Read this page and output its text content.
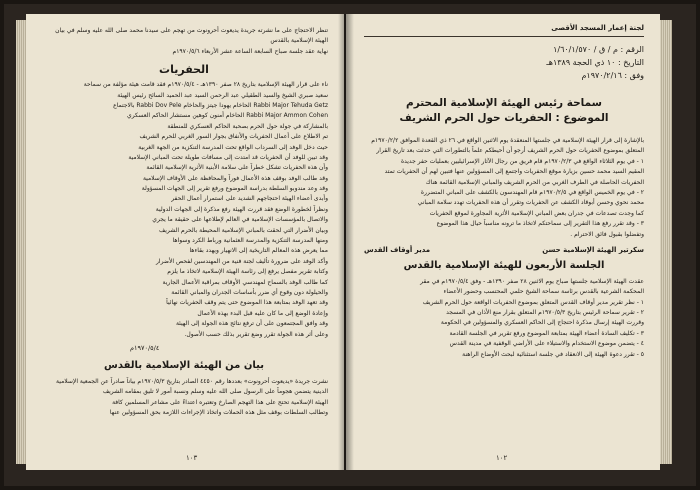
تنظر الاحتجاج على ما نشرته جريدة يديعوت أحرونوت من تهجم على سيدنا محمد صلى الله عليه وسلم في بيان
الهيئة الإسلامية بالقدس
نهاية عقد جلسة صباح السابعة الساعة عشر الأربعاء ١٩٧٠/٥/٦م
الحفريات
ناء على قرار الهيئة الإسلامية بتاريخ ٢٨ صفر ١٣٩٠هـ - ١٩٧٠/٥/٤م فقد قامت هيئة مؤلفة من سماحة
سعيد صبري الشيخ والسيد الطقيلي عبد الرحمن السيد عبد الحميد السائح رئيس الهيئة
Rabbi Major Tehuda Getz الحاخام يهودا جيتز والحاخام Rabbi Dov Pele بالاجتماع
Rabbi Major Ammon Cohen الحاخام أمنون كوهين مستشار الحاكم العسكري
بالمشاركة في جولة حول الحرم بصحبة الحاكم العسكري للمنطقة
تم الاطلاع على أعمال الحفريات والأنفاق بجوار السور الغربي للحرم الشريف
حيث دخل الوفد إلى السرداب الواقع تحت المدرسة التنكزية من الجهة الغربية
وقد تبين للوفد أن الحفريات قد امتدت إلى مسافات طويلة تحت المباني الإسلامية
وأن هذه الحفريات تشكل خطراً على سلامة الأبنية الأثرية الإسلامية القائمة
وقد طالب الوفد بوقف هذه الأعمال فوراً والمحافظة على الأوقاف الإسلامية
وقد وعد مندوبو السلطة بدراسة الموضوع ورفع تقرير إلى الجهات المسؤولة
وأبدى أعضاء الهيئة احتجاجهم الشديد على استمرار أعمال الحفر
ونظراً لخطورة الوضع فقد قررت الهيئة رفع مذكرة إلى الجهات الدولية
والاتصال بالمؤسسات الإسلامية في العالم لإطلاعها على حقيقة ما يجري
وبيان الأضرار التي لحقت بالمباني الإسلامية المحيطة بالحرم الشريف
ومنها المدرسة التنكزية والمدرسة العثمانية ورباط الكرد وسواها
مما يعرض هذه المعالم التاريخية إلى الانهيار ويهدد بقاءها
وأكد الوفد على ضرورة تأليف لجنة فنية من المهندسين لفحص الأضرار
وكتابة تقرير مفصل يرفع إلى رئاسة الهيئة الإسلامية لاتخاذ ما يلزم
كما طالب الوفد بالسماح لمهندسي الأوقاف بمراقبة الأعمال الجارية
والحيلولة دون وقوع أي ضرر بأساسات الجدران والمباني القائمة
وقد تعهد الوفد بمتابعة هذا الموضوع حتى يتم وقف الحفريات نهائياً
وإعادة الوضع إلى ما كان عليه قبل البدء بهذه الأعمال
وقد وافق المجتمعون على أن ترفع نتائج هذه الجولة إلى الهيئة
وعلى أثر هذه الجولة تقرر وضع تقرير بذلك حسب الأصول.
١٩٧٠/٥/٤م
بيان من الهيئة الإسلامية بالقدس
نشرت جريدة «يديعوت أحرونوت» بعددها رقم ٤٤٥٠ الصادر بتاريخ ١٩٧٠/٥/٣م بياناً صادراً عن الجمعية الإسلامية
الدينية يتضمن هجوماً على الرسول صلى الله عليه وسلم ونسبة أمور لا تليق بمقامه الشريف
الهيئة الإسلامية تحتج على هذا التهجم الصارخ وتعتبره اعتداءً على مشاعر المسلمين كافة
وتطالب السلطات بوقف مثل هذه الحملات واتخاذ الإجراءات اللازمة بحق المسؤولين عنها
١٠٣
لجنة إعمار المسجد الأقصى
الرقم : م / ق / ١/٦٠/١/٥٧٠
التاريخ : ١٠ ذي الحجة ١٣٨٩هـ
وفق : ١٩٧٠/٢/١٦م
سماحة رئيس الهيئة الإسلامية المحترم
الموضوع : الحفريات حول الحرم الشريف
بالإشارة إلى قرار الهيئة الإسلامية في جلستها المنعقدة يوم الاثنين الواقع في ٢٦ ذي القعدة الموافق ١٩٧٠/٢/٢م
المتعلق بموضوع الحفريات حول الحرم الشريف أرجو أن أحيطكم علماً بالتطورات التي حدثت بعد تاريخ القرار
١ - في يوم الثلاثاء الواقع في ١٩٧٠/٢/٣م قام فريق من رجال الآثار الإسرائيليين بعمليات حفر جديدة
المقيم السيد محمد حسين بزيارة موقع الحفريات واجتمع إلى المسؤولين عنها فتبين لهم أن الحفريات تمتد
الحفريات الحاصلة في الطرف الغربي من الحرم الشريف والمباني الإسلامية القائمة هناك
٢ - في يوم الخميس الواقع في ١٩٧٠/٢/٥م قام المهندسون بالكشف على المباني المتضررة
محمد نحوي وحسن أبوقاد الكشف عن الحفريات وتقرر أن هذه الحفريات تهدد سلامة المباني
كما وجدت تصدعات في جدران بعض المباني الإسلامية الأثرية المجاورة لموقع الحفريات
٣ - وقد تقرر رفع هذا التقرير إلى سماحتكم لاتخاذ ما ترونه مناسباً حيال هذا الموضوع
وتفضلوا بقبول فائق الاحترام .
سكرتير الهيئة الإسلامية حسن
مدير أوقاف القدس
الجلسة الأربعون للهيئة الإسلامية بالقدس
عقدت الهيئة الإسلامية جلستها صباح يوم الاثنين ٢٨ صفر ١٣٩٠هـ - وفق ١٩٧٠/٥/٤م في مقر
المحكمة الشرعية بالقدس برئاسة سماحة الشيخ حلمي المحتسب وحضور الأعضاء
١ - نظر تقرير مدير أوقاف القدس المتعلق بموضوع الحفريات الواقعة حول الحرم الشريف
٢ - تقرير سماحة الرئيس بتاريخ ١٩٧٠/٥/٣م المتعلق بقرار منع الأذان في المسجد
وقررت الهيئة إرسال مذكرة احتجاج إلى الحاكم العسكري والمسؤولين في الحكومة
٣ - تكليف السادة أعضاء الهيئة بمتابعة الموضوع ورفع تقرير في الجلسة القادمة
٤ - يتضمن موضوع الاستخدام والاستيلاء على الأراضي الوقفية في مدينة القدس
٥ - تقرر دعوة الهيئة إلى الانعقاد في جلسة استثنائية لبحث الأوضاع الراهنة
١٠٢
